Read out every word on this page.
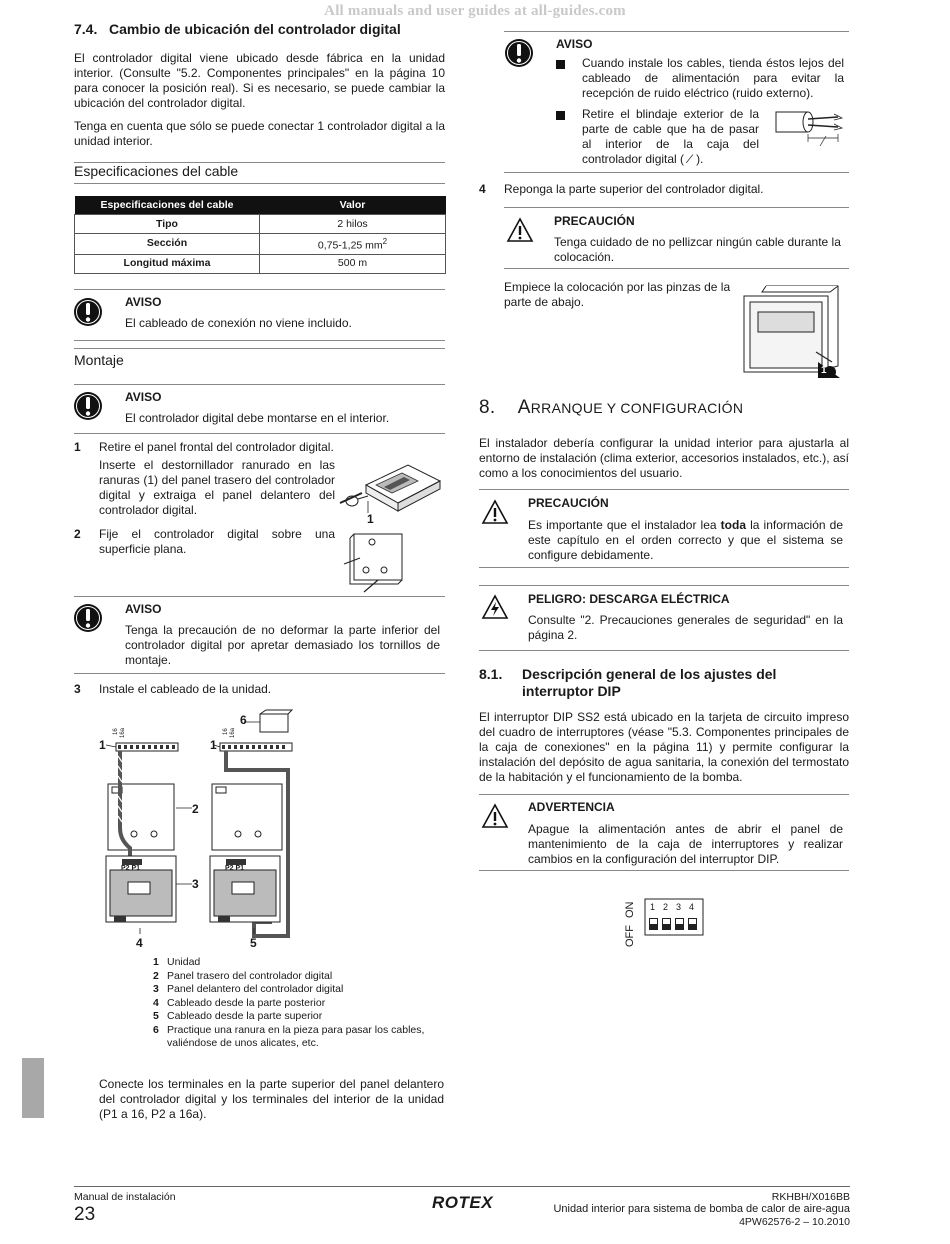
All manuals and user guides at all-guides.com
7.4. Cambio de ubicación del controlador digital
El controlador digital viene ubicado desde fábrica en la unidad interior. (Consulte "5.2. Componentes principales" en la página 10 para conocer la posición real). Si es necesario, se puede cambiar la ubicación del controlador digital.
Tenga en cuenta que sólo se puede conectar 1 controlador digital a la unidad interior.
Especificaciones del cable
Especificaciones del cable	Valor
Tipo	2 hilos
Sección	0,75-1,25 $mm^2$
Longitud máxima	500 m
AVISO
El cableado de conexión no viene incluido.
Montaje
AVISO
El controlador digital debe montarse en el interior.
1 Retire el panel frontal del controlador digital.
Inserte el destornillador ranurado en las ranuras (1) del panel trasero del controlador digital y extraiga el panel delantero del controlador digital.
1
2 Fije el controlador digital sobre una superficie plana.
AVISO
Tenga la precaución de no deformar la parte inferior del controlador digital por apretar demasiado los tornillos de montaje.
3 Instale el cableado de la unidad.
16 16a	16 16a
P2 P1	P2 P1
PCB	PCB
1	1
2
3
4	5
6
1 Unidad
2 Panel trasero del controlador digital
3 Panel delantero del controlador digital
4 Cableado desde la parte posterior
5 Cableado desde la parte superior
6 Practique una ranura en la pieza para pasar los cables, valiéndose de unos alicates, etc.
Conecte los terminales en la parte superior del panel delantero del controlador digital y los terminales del interior de la unidad (P1 a 16, P2 a 16a).
AVISO
Cuando instale los cables, tienda éstos lejos del cableado de alimentación para evitar la recepción de ruido eléctrico (ruido externo).
Retire el blindaje exterior de la parte de cable que ha de pasar al interior de la caja del controlador digital ( ⁄ ).
4 Reponga la parte superior del controlador digital.
PRECAUCIÓN
Tenga cuidado de no pellizcar ningún cable durante la colocación.
Empiece la colocación por las pinzas de la parte de abajo.
1
8. ARRANQUE Y CONFIGURACIÓN
El instalador debería configurar la unidad interior para ajustarla al entorno de instalación (clima exterior, accesorios instalados, etc.), así como a los conocimientos del usuario.
PRECAUCIÓN
Es importante que el instalador lea toda la información de este capítulo en el orden correcto y que el sistema se configure debidamente.
PELIGRO: DESCARGA ELÉCTRICA
Consulte "2. Precauciones generales de seguridad" en la página 2.
8.1. Descripción general de los ajustes del interruptor DIP
El interruptor DIP SS2 está ubicado en la tarjeta de circuito impreso del cuadro de interruptores (véase "5.3. Componentes principales de la caja de conexiones" en la página 11) y permite configurar la instalación del depósito de agua sanitaria, la conexión del termostato de la habitación y el funcionamiento de la bomba.
ADVERTENCIA
Apague la alimentación antes de abrir el panel de mantenimiento de la caja de interruptores y realizar cambios en la configuración del interruptor DIP.
ON
OFF
1 2 3 4
Manual de instalación
23
ROTEX	RKHBH/X016BB
Unidad interior para sistema de bomba de calor de aire-agua
4PW62576-2 – 10.2010
